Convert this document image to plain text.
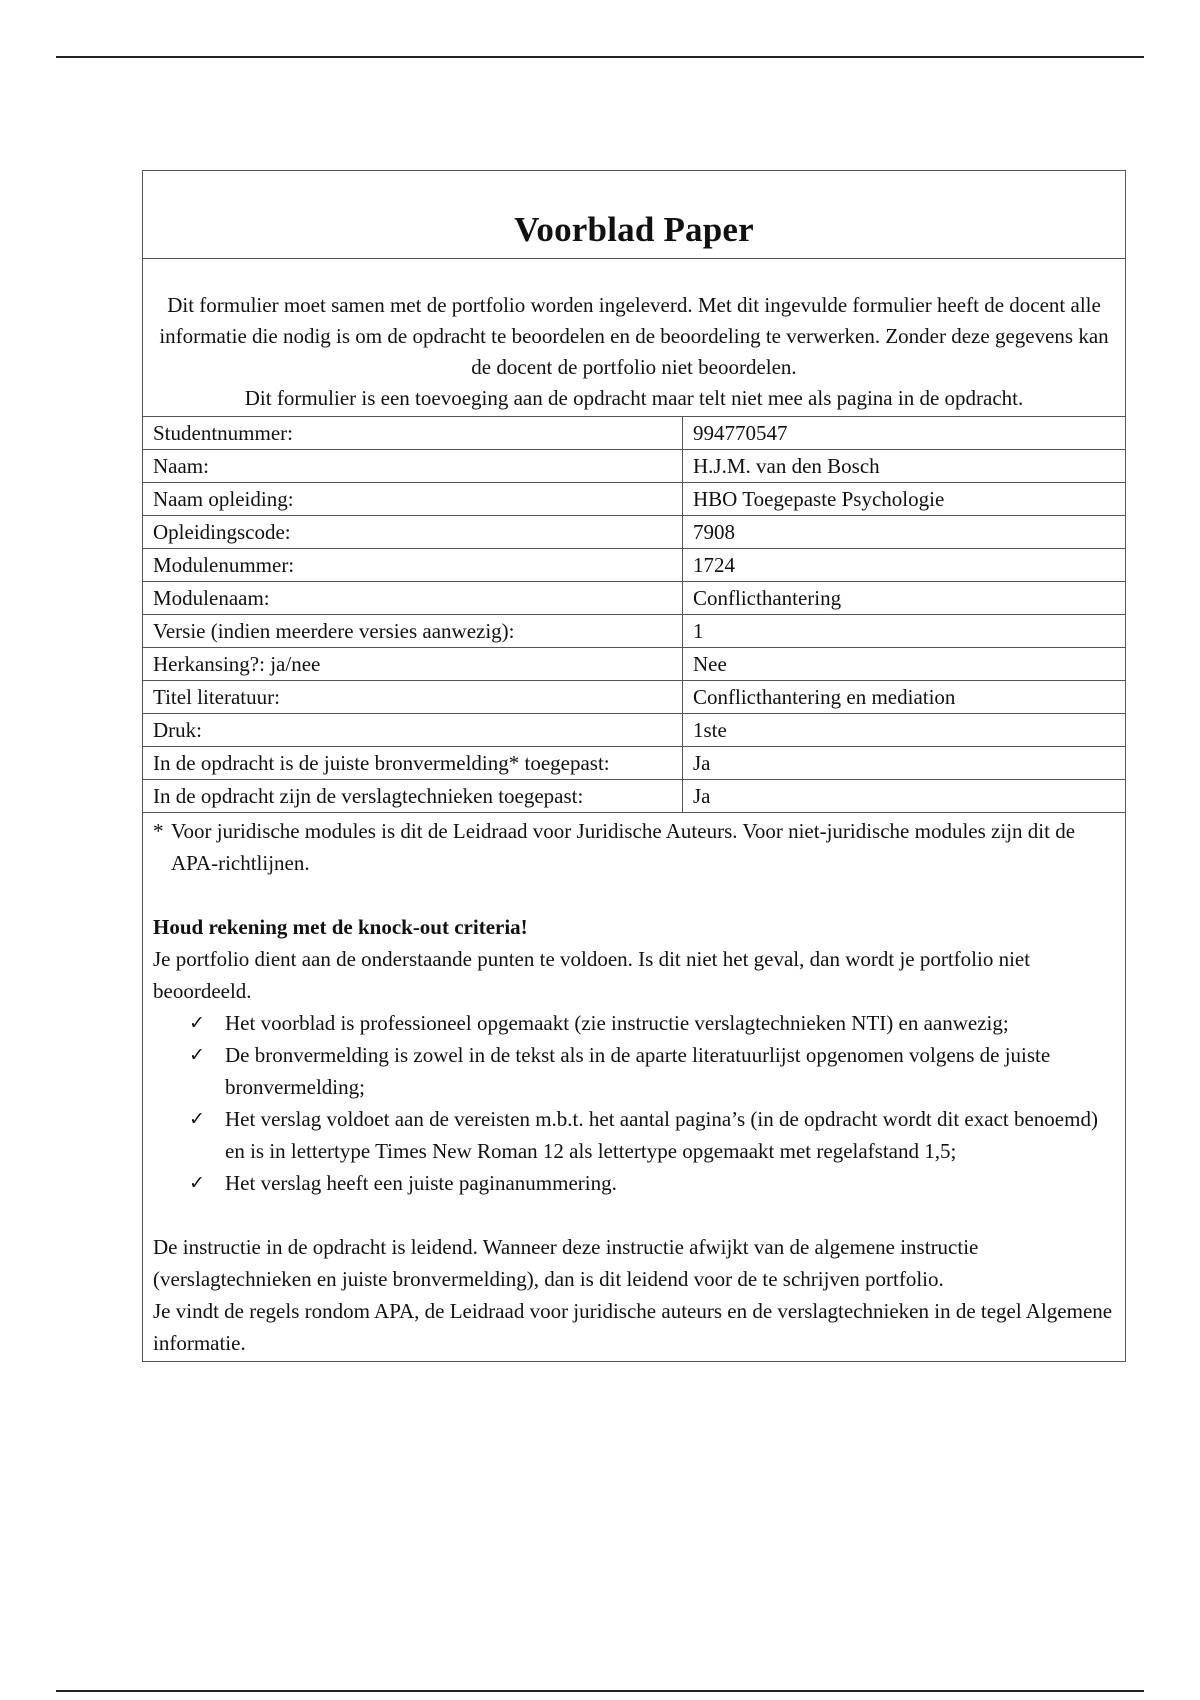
Voorblad Paper

Dit formulier moet samen met de portfolio worden ingeleverd. Met dit ingevulde formulier heeft de docent alle informatie die nodig is om de opdracht te beoordelen en de beoordeling te verwerken. Zonder deze gegevens kan de docent de portfolio niet beoordelen.

Dit formulier is een toevoeging aan de opdracht maar telt niet mee als pagina in de opdracht.

Studentnummer:	994770547
Naam:	H.J.M. van den Bosch
Naam opleiding:	HBO Toegepaste Psychologie
Opleidingscode:	7908
Modulenummer:	1724
Modulenaam:	Conflicthantering
Versie (indien meerdere versies aanwezig):	1
Herkansing?: ja/nee	Nee
Titel literatuur:	Conflicthantering en mediation
Druk:	1ste
In de opdracht is de juiste bronvermelding* toegepast:	Ja
In de opdracht zijn de verslagtechnieken toegepast:	Ja
* Voor juridische modules is dit de Leidraad voor Juridische Auteurs. Voor niet-juridische modules zijn dit de APA-richtlijnen.

Houd rekening met de knock-out criteria!

Je portfolio dient aan de onderstaande punten te voldoen. Is dit niet het geval, dan wordt je portfolio niet beoordeeld.

✓ Het voorblad is professioneel opgemaakt (zie instructie verslagtechnieken NTI) en aanwezig;
✓ De bronvermelding is zowel in de tekst als in de aparte literatuurlijst opgenomen volgens de juiste bronvermelding;
✓ Het verslag voldoet aan de vereisten m.b.t. het aantal pagina’s (in de opdracht wordt dit exact benoemd) en is in lettertype Times New Roman 12 als lettertype opgemaakt met regelafstand 1,5;
✓ Het verslag heeft een juiste paginanummering.

De instructie in de opdracht is leidend. Wanneer deze instructie afwijkt van de algemene instructie (verslagtechnieken en juiste bronvermelding), dan is dit leidend voor de te schrijven portfolio.

Je vindt de regels rondom APA, de Leidraad voor juridische auteurs en de verslagtechnieken in de tegel Algemene informatie.
